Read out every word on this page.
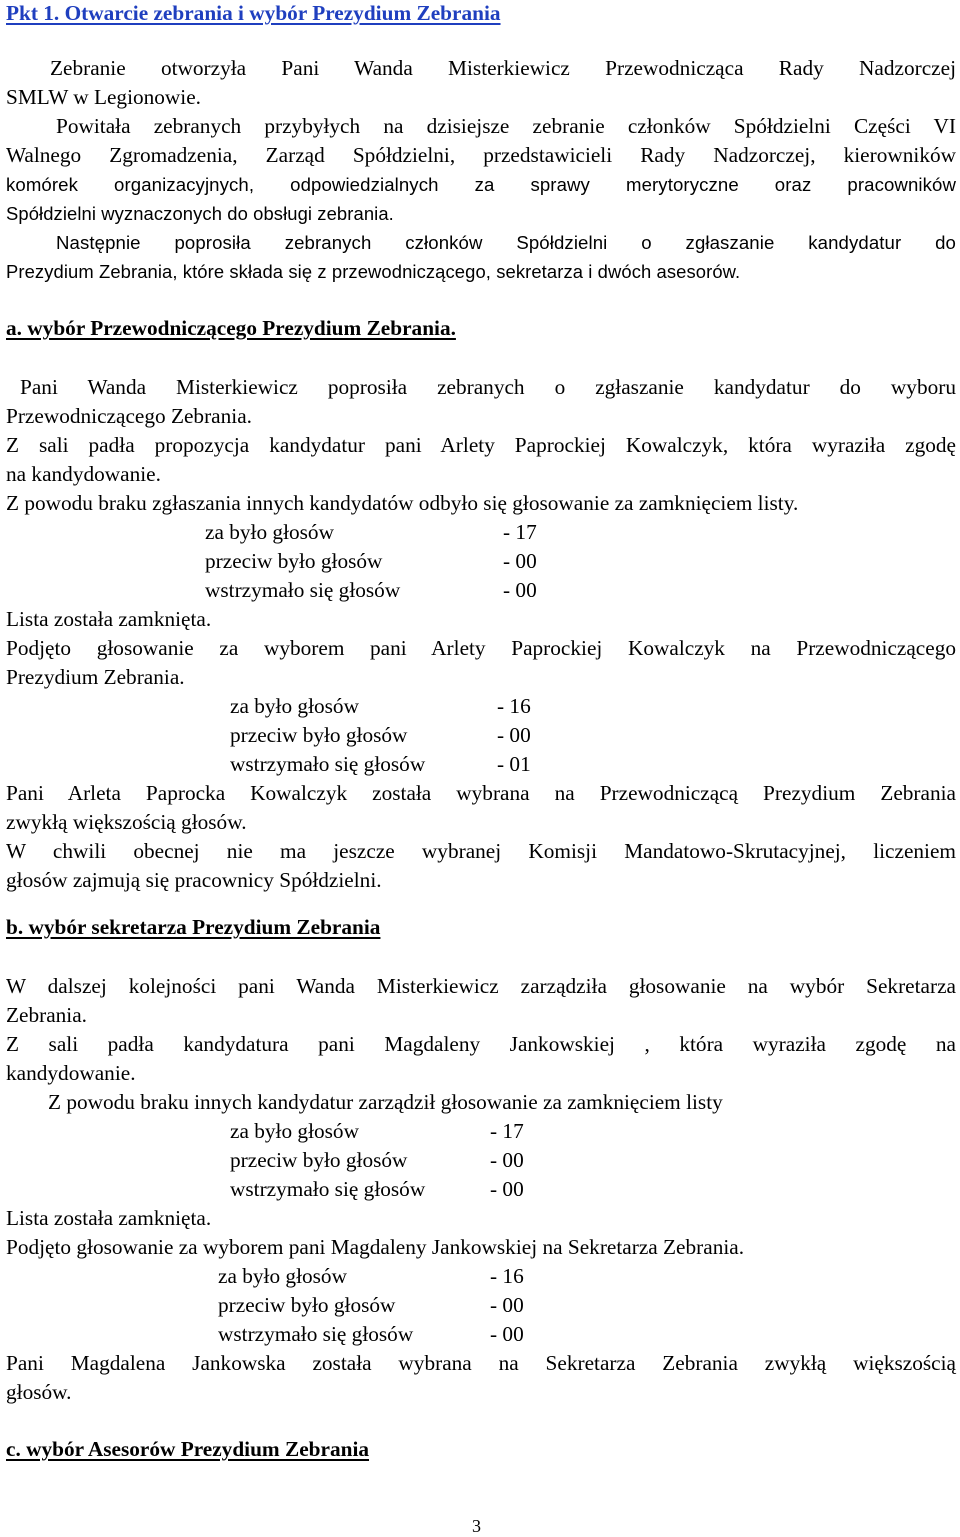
Pkt 1. Otwarcie zebrania i wybór Prezydium Zebrania
Zebranie otworzyła Pani Wanda Misterkiewicz Przewodnicząca Rady Nadzorczej
SMLW w Legionowie.
Powitała zebranych przybyłych na dzisiejsze zebranie członków Spółdzielni Części VI
Walnego Zgromadzenia, Zarząd Spółdzielni, przedstawicieli Rady Nadzorczej, kierowników
komórek organizacyjnych, odpowiedzialnych za sprawy merytoryczne oraz pracowników
Spółdzielni wyznaczonych do obsługi zebrania.
Następnie poprosiła zebranych członków Spółdzielni o zgłaszanie kandydatur do
Prezydium Zebrania, które składa się z przewodniczącego, sekretarza i dwóch asesorów.
a. wybór Przewodniczącego Prezydium Zebrania.
Pani Wanda Misterkiewicz poprosiła zebranych o zgłaszanie kandydatur do wyboru
Przewodniczącego Zebrania.
Z sali padła propozycja kandydatur pani Arlety Paprockiej Kowalczyk, która wyraziła zgodę
na kandydowanie.
Z powodu braku zgłaszania innych kandydatów odbyło się głosowanie za zamknięciem listy.
za było głosów	- 17
przeciw było głosów	- 00
wstrzymało się głosów	- 00
Lista została zamknięta.
Podjęto głosowanie za wyborem pani Arlety Paprockiej Kowalczyk na Przewodniczącego
Prezydium Zebrania.
za było głosów	- 16
przeciw było głosów	- 00
wstrzymało się głosów	- 01
Pani Arleta Paprocka Kowalczyk została wybrana na Przewodniczącą Prezydium Zebrania
zwykłą większością głosów.
W chwili obecnej nie ma jeszcze wybranej Komisji Mandatowo-Skrutacyjnej, liczeniem
głosów zajmują się pracownicy Spółdzielni.
b. wybór sekretarza Prezydium Zebrania
W dalszej kolejności pani Wanda Misterkiewicz zarządziła głosowanie na wybór Sekretarza
Zebrania.
Z sali padła kandydatura pani Magdaleny Jankowskiej , która wyraziła zgodę na
kandydowanie.
Z powodu braku innych kandydatur zarządził głosowanie za zamknięciem listy
za było głosów	- 17
przeciw było głosów	- 00
wstrzymało się głosów	- 00
Lista została zamknięta.
Podjęto głosowanie za wyborem pani Magdaleny Jankowskiej na Sekretarza Zebrania.
za było głosów	- 16
przeciw było głosów	- 00
wstrzymało się głosów	- 00
Pani Magdalena Jankowska została wybrana na Sekretarza Zebrania zwykłą większością
głosów.
c. wybór Asesorów Prezydium Zebrania
3
